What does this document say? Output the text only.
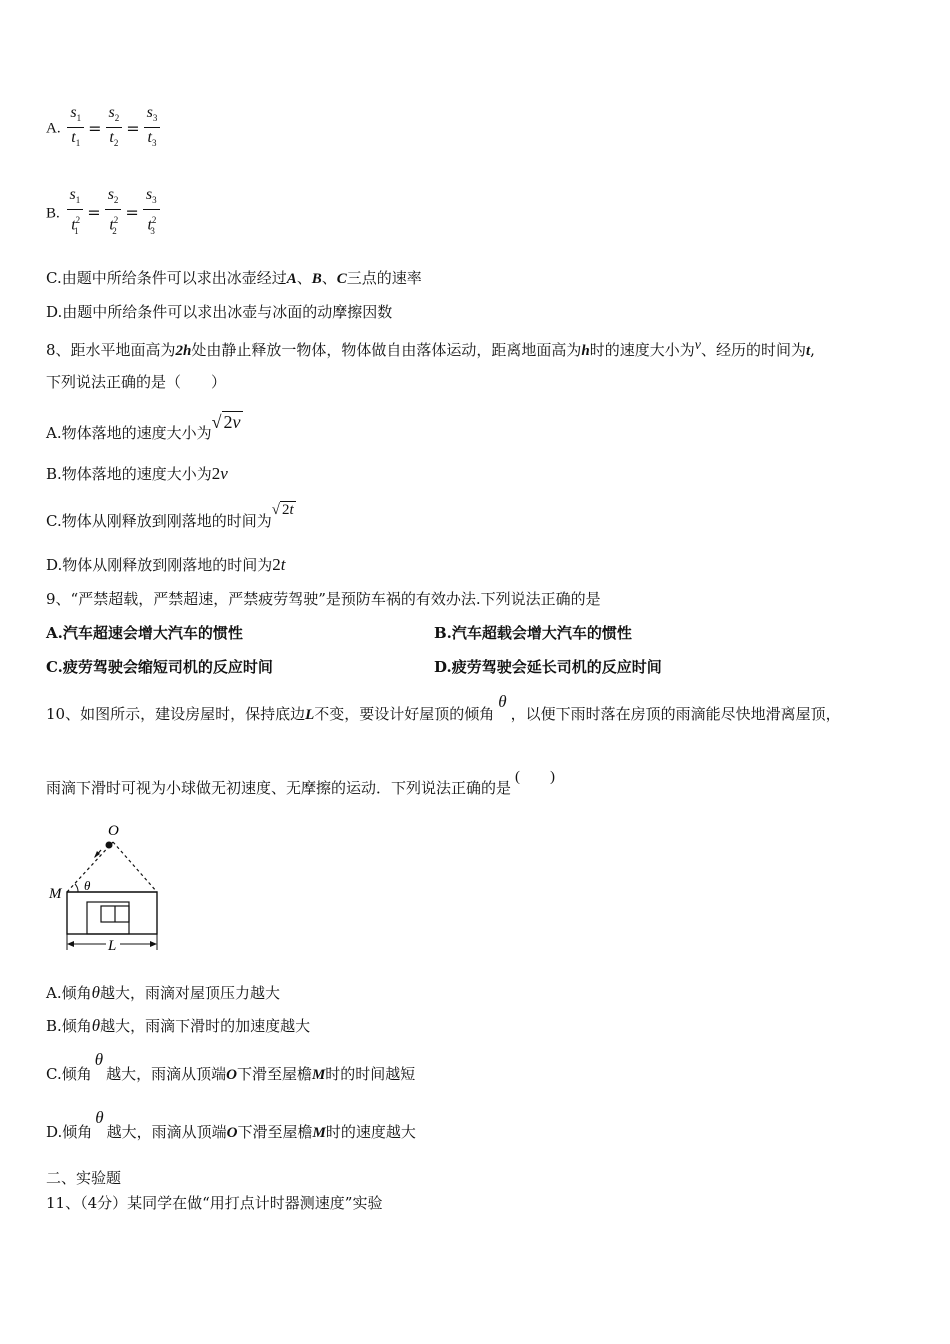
A. $\frac{s_1}{t_1} = \frac{s_2}{t_2} = \frac{s_3}{t_3}$
B. $\frac{s_1}{t^2_1} = \frac{s_2}{t^2_2} = \frac{s_3}{t^2_3}$
C.由题中所给条件可以求出冰壶经过A、B、C三点的速率
D.由题中所给条件可以求出冰壶与冰面的动摩擦因数
8、距水平地面高为2h处由静止释放一物体，物体做自由落体运动，距离地面高为h时的速度大小为v、经历的时间为t,
下列说法正确的是（　　）
A.物体落地的速度大小为√ 2v
B.物体落地的速度大小为2v
C.物体从刚释放到刚落地的时间为√ 2t
D.物体从刚释放到刚落地的时间为2t
9、“严禁超载，严禁超速，严禁疲劳驾驶”是预防车祸的有效办法.下列说法正确的是
A.汽车超速会增大汽车的惯性	B.汽车超载会增大汽车的惯性
C.疲劳驾驶会缩短司机的反应时间	D.疲劳驾驶会延长司机的反应时间
10、如图所示，建设房屋时，保持底边L不变，要设计好屋顶的倾角θ，以便下雨时落在房顶的雨滴能尽快地滑离屋顶，
雨滴下滑时可视为小球做无初速度、无摩擦的运动．下列说法正确的是(　　)
O
M
θ
L
A.倾角θ越大，雨滴对屋顶压力越大
B.倾角θ越大，雨滴下滑时的加速度越大
C.倾角θ越大，雨滴从顶端O下滑至屋檐M时的时间越短
D.倾角θ越大，雨滴从顶端O下滑至屋檐M时的速度越大
二、实验题
11、（4分）某同学在做“用打点计时器测速度”实验
